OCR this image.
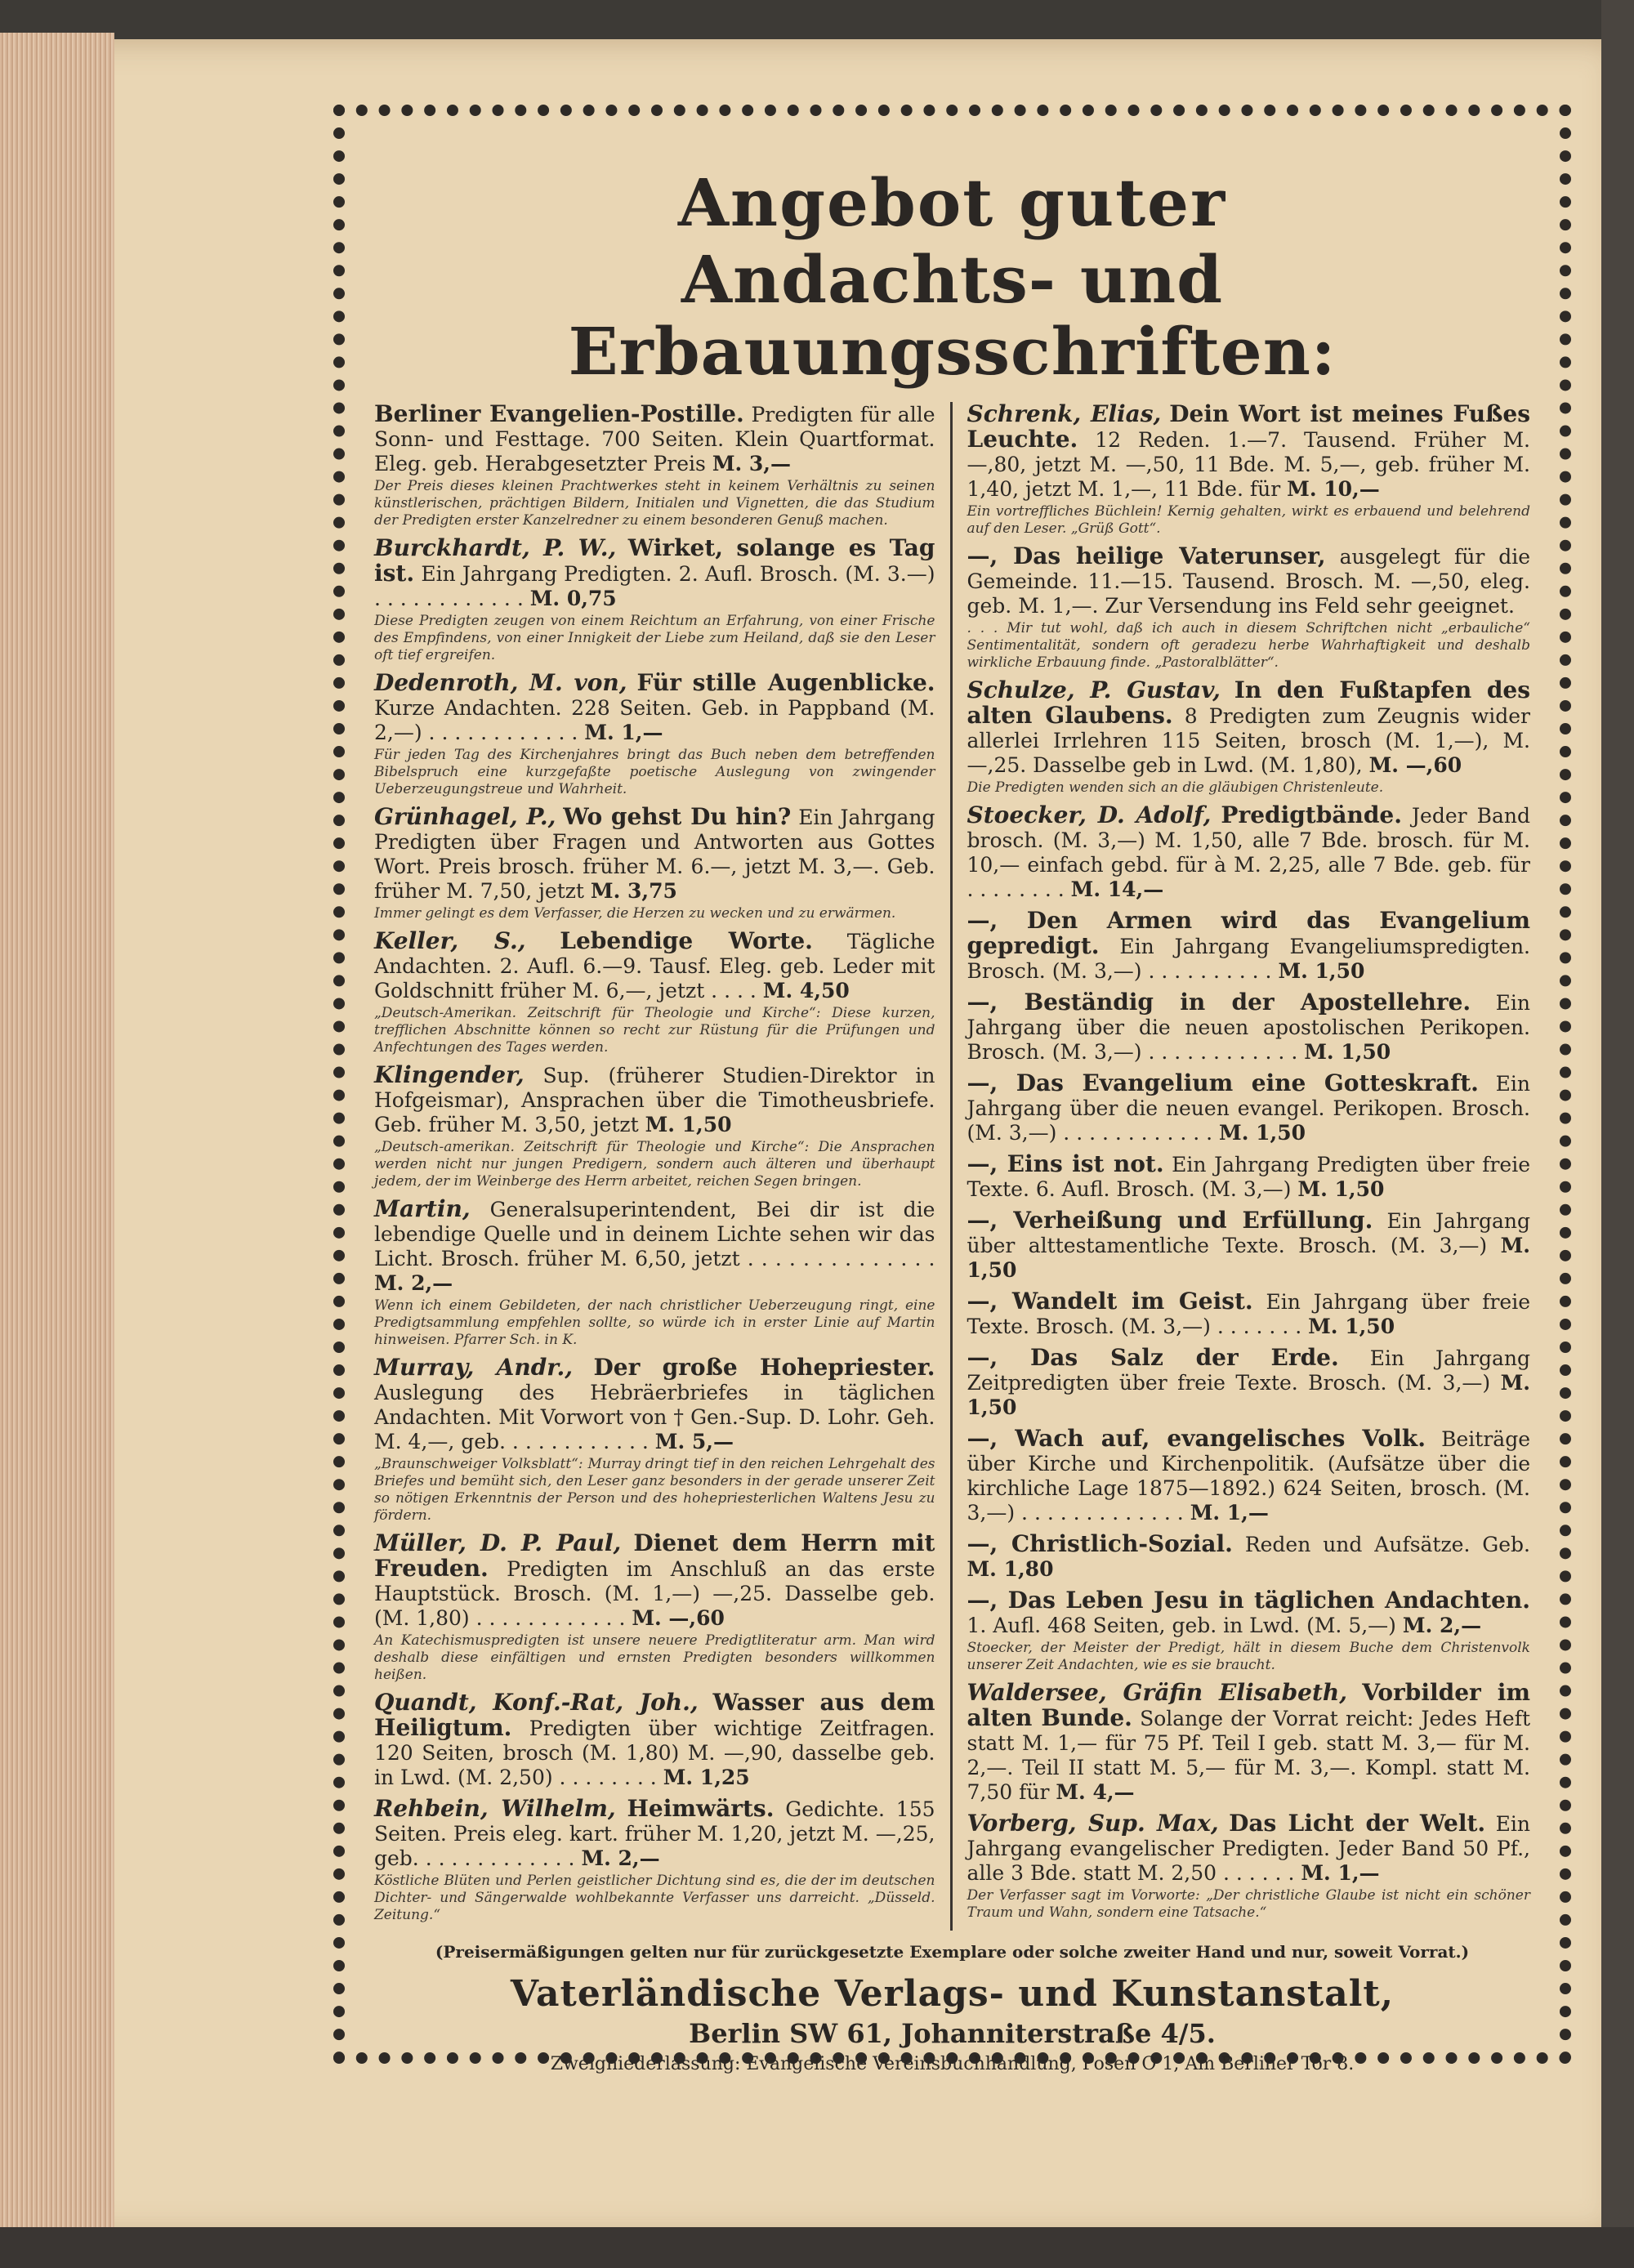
Angebot guter
Andachts- und Erbauungsschriften:
Berliner Evangelien-Postille. Predigten für alle Sonn- und Festtage. 700 Seiten. Klein Quartformat. Eleg. geb. Herabgesetzter Preis M. 3,—
Der Preis dieses kleinen Prachtwerkes steht in keinem Verhältnis zu seinen künstlerischen, prächtigen Bildern, Initialen und Vignetten, die das Studium der Predigten erster Kanzelredner zu einem besonderen Genuß machen.
Burckhardt, P. W., Wirket, solange es Tag ist. Ein Jahrgang Predigten. 2. Aufl. Brosch. (M. 3.—) . . . . . . . . . . . . M. 0,75
Diese Predigten zeugen von einem Reichtum an Erfahrung, von einer Frische des Empfindens, von einer Innigkeit der Liebe zum Heiland, daß sie den Leser oft tief ergreifen.
Dedenroth, M. von, Für stille Augenblicke. Kurze Andachten. 228 Seiten. Geb. in Pappband (M. 2,—) . . . . . . . . . . . . M. 1,—
Für jeden Tag des Kirchenjahres bringt das Buch neben dem betreffenden Bibelspruch eine kurzgefaßte poetische Auslegung von zwingender Ueberzeugungstreue und Wahrheit.
Grünhagel, P., Wo gehst Du hin? Ein Jahrgang Predigten über Fragen und Antworten aus Gottes Wort. Preis brosch. früher M. 6.—, jetzt M. 3,—. Geb. früher M. 7,50, jetzt M. 3,75
Immer gelingt es dem Verfasser, die Herzen zu wecken und zu erwärmen.
Keller, S., Lebendige Worte. Tägliche Andachten. 2. Aufl. 6.—9. Tausf. Eleg. geb. Leder mit Goldschnitt früher M. 6,—, jetzt . . . . M. 4,50
„Deutsch-Amerikan. Zeitschrift für Theologie und Kirche“: Diese kurzen, trefflichen Abschnitte können so recht zur Rüstung für die Prüfungen und Anfechtungen des Tages werden.
Klingender, Sup. (früherer Studien-Direktor in Hofgeismar), Ansprachen über die Timotheusbriefe. Geb. früher M. 3,50, jetzt M. 1,50
„Deutsch-amerikan. Zeitschrift für Theologie und Kirche“: Die Ansprachen werden nicht nur jungen Predigern, sondern auch älteren und überhaupt jedem, der im Weinberge des Herrn arbeitet, reichen Segen bringen.
Martin, Generalsuperintendent, Bei dir ist die lebendige Quelle und in deinem Lichte sehen wir das Licht. Brosch. früher M. 6,50, jetzt . . . . . . . . . . . . . . M. 2,—
Wenn ich einem Gebildeten, der nach christlicher Ueberzeugung ringt, eine Predigtsammlung empfehlen sollte, so würde ich in erster Linie auf Martin hinweisen. Pfarrer Sch. in K.
Murray, Andr., Der große Hohepriester. Auslegung des Hebräerbriefes in täglichen Andachten. Mit Vorwort von † Gen.-Sup. D. Lohr. Geh. M. 4,—, geb. . . . . . . . . . . . M. 5,—
„Braunschweiger Volksblatt“: Murray dringt tief in den reichen Lehrgehalt des Briefes und bemüht sich, den Leser ganz besonders in der gerade unserer Zeit so nötigen Erkenntnis der Person und des hohepriesterlichen Waltens Jesu zu fördern.
Müller, D. P. Paul, Dienet dem Herrn mit Freuden. Predigten im Anschluß an das erste Hauptstück. Brosch. (M. 1,—) —,25. Dasselbe geb. (M. 1,80) . . . . . . . . . . . . M. —,60
An Katechismuspredigten ist unsere neuere Predigtliteratur arm. Man wird deshalb diese einfältigen und ernsten Predigten besonders willkommen heißen.
Quandt, Konf.-Rat, Joh., Wasser aus dem Heiligtum. Predigten über wichtige Zeitfragen. 120 Seiten, brosch (M. 1,80) M. —,90, dasselbe geb. in Lwd. (M. 2,50) . . . . . . . . M. 1,25
Rehbein, Wilhelm, Heimwärts. Gedichte. 155 Seiten. Preis eleg. kart. früher M. 1,20, jetzt M. —,25, geb. . . . . . . . . . . . . M. 2,—
Köstliche Blüten und Perlen geistlicher Dichtung sind es, die der im deutschen Dichter- und Sängerwalde wohlbekannte Verfasser uns darreicht. „Düsseld. Zeitung.“
Schrenk, Elias, Dein Wort ist meines Fußes Leuchte. 12 Reden. 1.—7. Tausend. Früher M. —,80, jetzt M. —,50, 11 Bde. M. 5,—, geb. früher M. 1,40, jetzt M. 1,—, 11 Bde. für M. 10,—
Ein vortreffliches Büchlein! Kernig gehalten, wirkt es erbauend und belehrend auf den Leser. „Grüß Gott“.
—, Das heilige Vaterunser, ausgelegt für die Gemeinde. 11.—15. Tausend. Brosch. M. —,50, eleg. geb. M. 1,—. Zur Versendung ins Feld sehr geeignet.
. . . Mir tut wohl, daß ich auch in diesem Schriftchen nicht „erbauliche“ Sentimentalität, sondern oft geradezu herbe Wahrhaftigkeit und deshalb wirkliche Erbauung finde. „Pastoralblätter“.
Schulze, P. Gustav, In den Fußtapfen des alten Glaubens. 8 Predigten zum Zeugnis wider allerlei Irrlehren 115 Seiten, brosch (M. 1,—), M. —,25. Dasselbe geb in Lwd. (M. 1,80), M. —,60
Die Predigten wenden sich an die gläubigen Christenleute.
Stoecker, D. Adolf, Predigtbände. Jeder Band brosch. (M. 3,—) M. 1,50, alle 7 Bde. brosch. für M. 10,— einfach gebd. für à M. 2,25, alle 7 Bde. geb. für . . . . . . . . M. 14,—
—, Den Armen wird das Evangelium gepredigt. Ein Jahrgang Evangeliumspredigten. Brosch. (M. 3,—) . . . . . . . . . . M. 1,50
—, Beständig in der Apostellehre. Ein Jahrgang über die neuen apostolischen Perikopen. Brosch. (M. 3,—) . . . . . . . . . . . . M. 1,50
—, Das Evangelium eine Gotteskraft. Ein Jahrgang über die neuen evangel. Perikopen. Brosch. (M. 3,—) . . . . . . . . . . . . M. 1,50
—, Eins ist not. Ein Jahrgang Predigten über freie Texte. 6. Aufl. Brosch. (M. 3,—) M. 1,50
—, Verheißung und Erfüllung. Ein Jahrgang über alttestamentliche Texte. Brosch. (M. 3,—) M. 1,50
—, Wandelt im Geist. Ein Jahrgang über freie Texte. Brosch. (M. 3,—) . . . . . . . M. 1,50
—, Das Salz der Erde. Ein Jahrgang Zeitpredigten über freie Texte. Brosch. (M. 3,—) M. 1,50
—, Wach auf, evangelisches Volk. Beiträge über Kirche und Kirchenpolitik. (Aufsätze über die kirchliche Lage 1875—1892.) 624 Seiten, brosch. (M. 3,—) . . . . . . . . . . . . . M. 1,—
—, Christlich-Sozial. Reden und Aufsätze. Geb. M. 1,80
—, Das Leben Jesu in täglichen Andachten. 1. Aufl. 468 Seiten, geb. in Lwd. (M. 5,—) M. 2,—
Stoecker, der Meister der Predigt, hält in diesem Buche dem Christenvolk unserer Zeit Andachten, wie es sie braucht.
Waldersee, Gräfin Elisabeth, Vorbilder im alten Bunde. Solange der Vorrat reicht: Jedes Heft statt M. 1,— für 75 Pf. Teil I geb. statt M. 3,— für M. 2,—. Teil II statt M. 5,— für M. 3,—. Kompl. statt M. 7,50 für M. 4,—
Vorberg, Sup. Max, Das Licht der Welt. Ein Jahrgang evangelischer Predigten. Jeder Band 50 Pf., alle 3 Bde. statt M. 2,50 . . . . . . M. 1,—
Der Verfasser sagt im Vorworte: „Der christliche Glaube ist nicht ein schöner Traum und Wahn, sondern eine Tatsache.“
(Preisermäßigungen gelten nur für zurückgesetzte Exemplare oder solche zweiter Hand und nur, soweit Vorrat.)
Vaterländische Verlags- und Kunstanstalt,
Berlin SW 61, Johanniterstraße 4/5.
Zweigniederlassung: Evangelische Vereinsbuchhandlung, Posen O 1, Am Berliner Tor 8.
